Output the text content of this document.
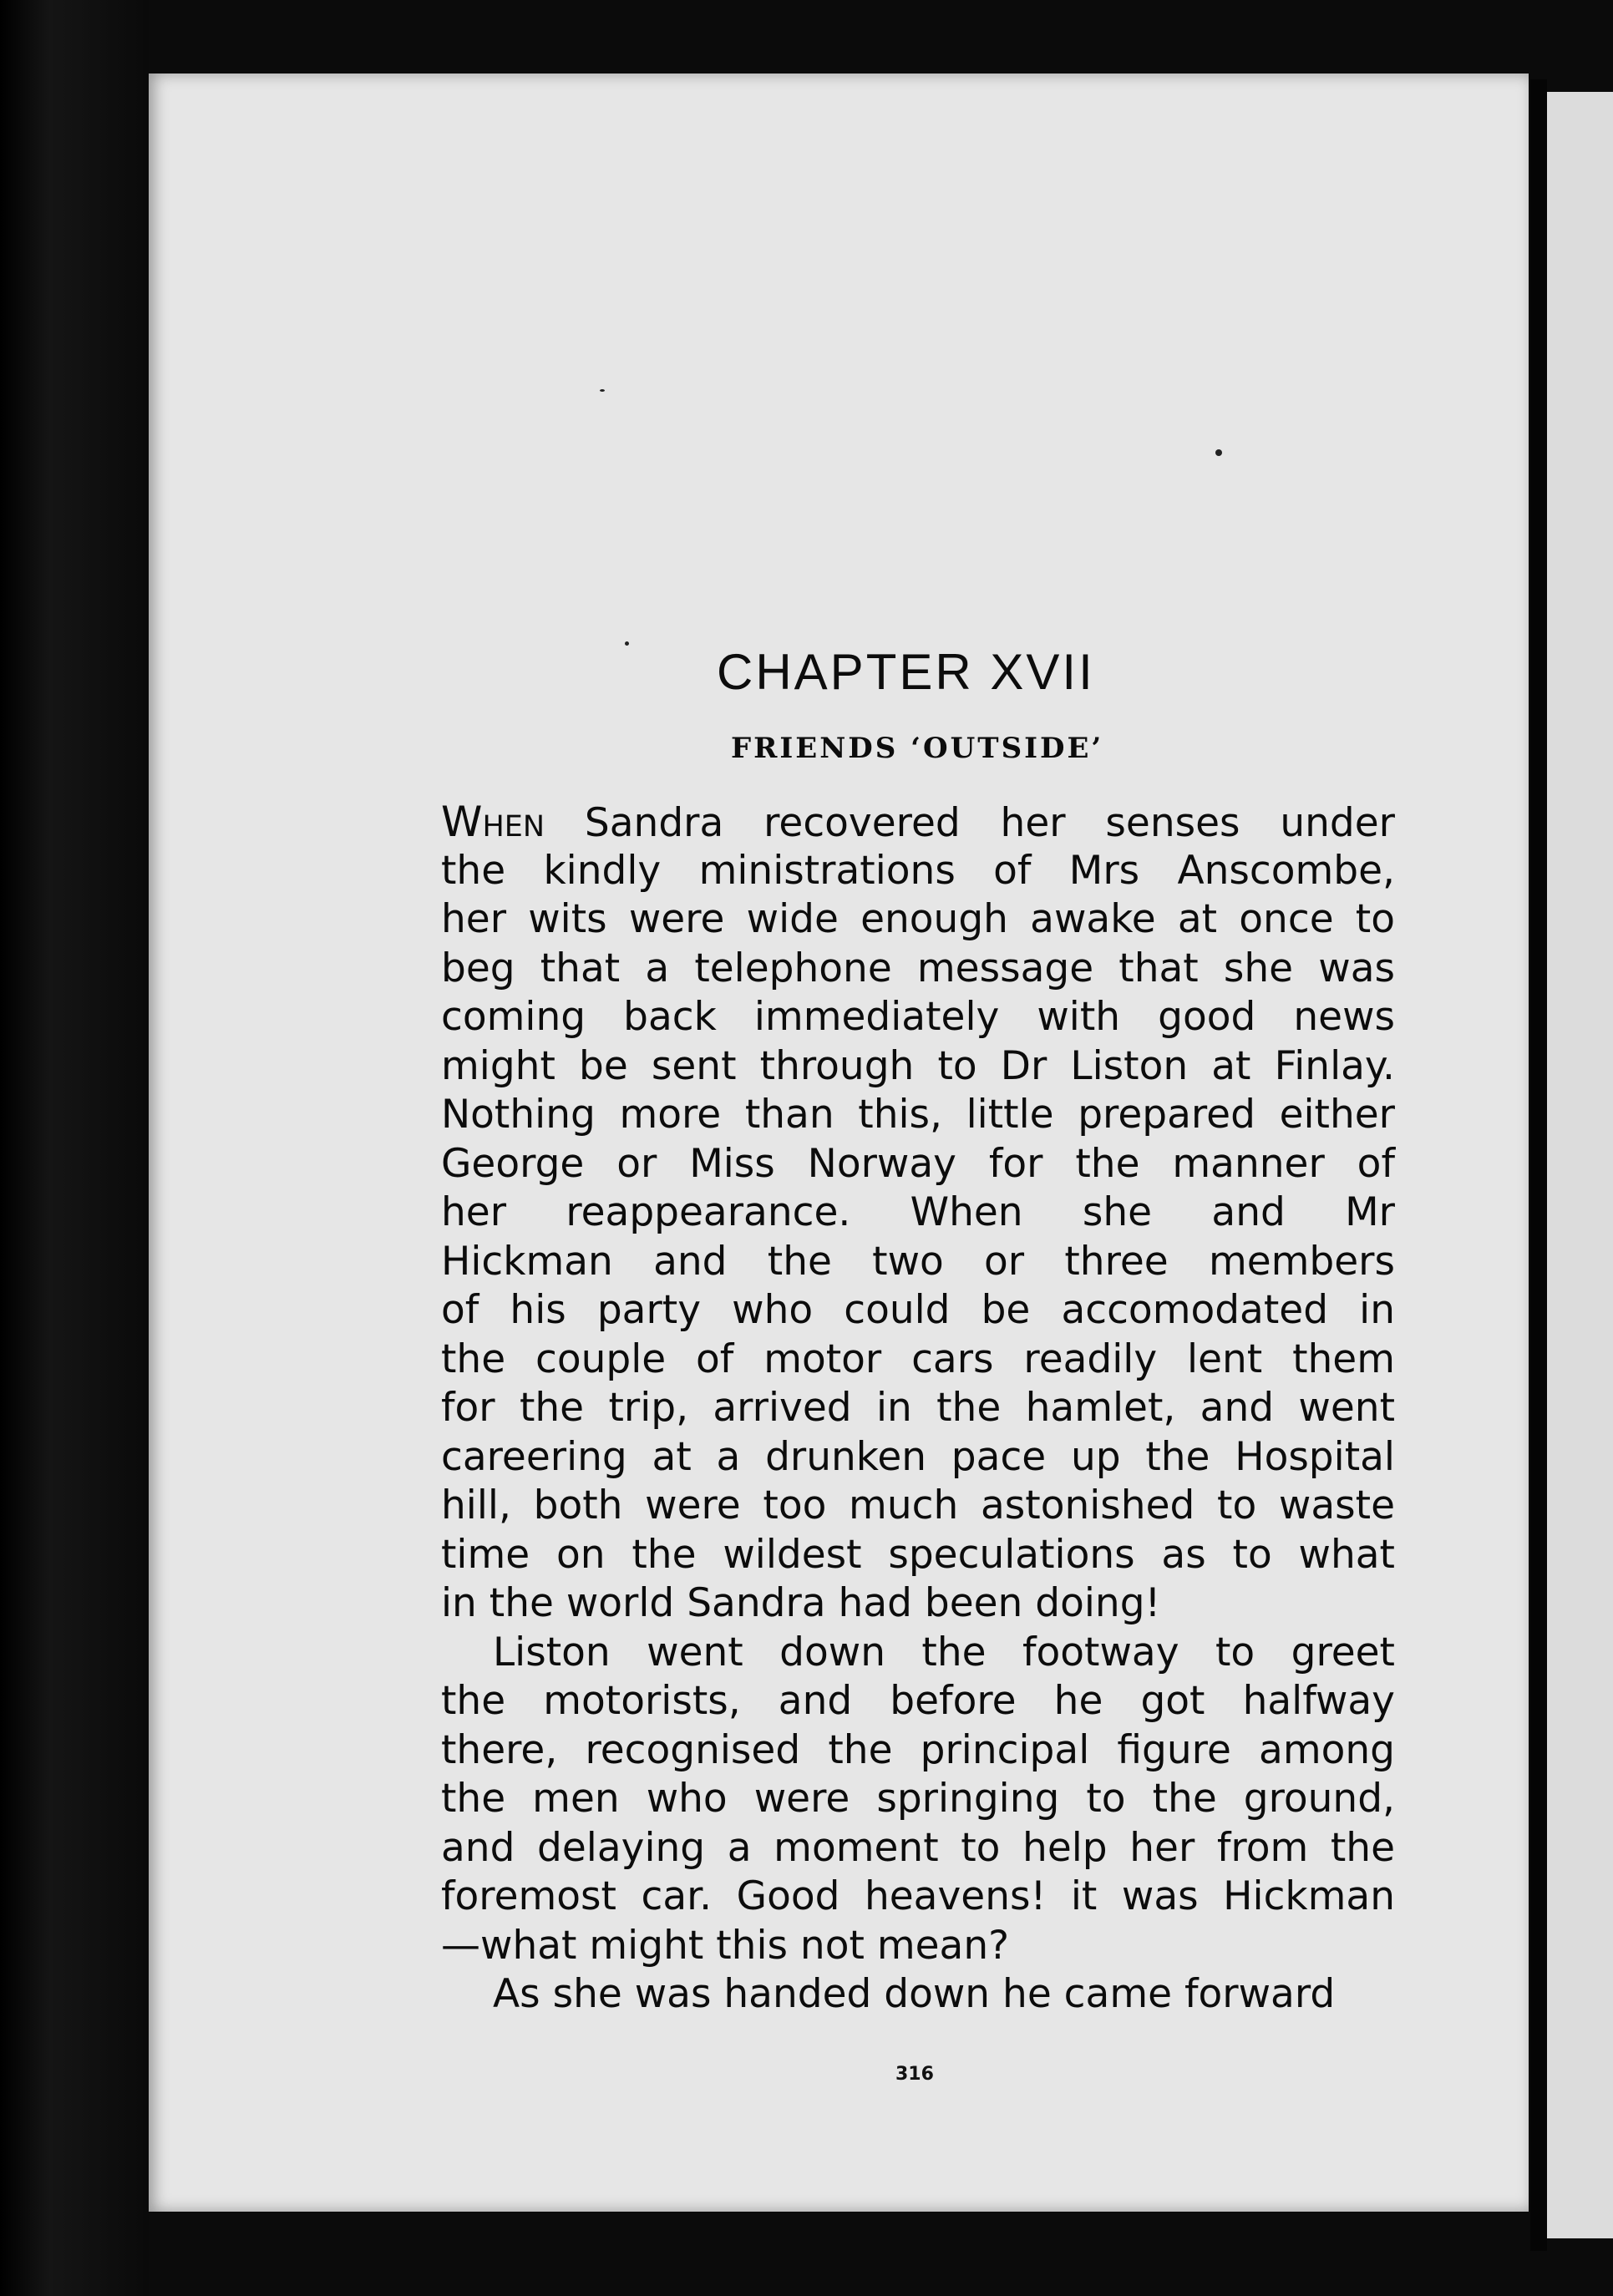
CHAPTER XVII
FRIENDS ‘OUTSIDE’
When Sandra recovered her senses under
the kindly ministrations of Mrs Anscombe,
her wits were wide enough awake at once to
beg that a telephone message that she was
coming back immediately with good news
might be sent through to Dr Liston at Finlay.
Nothing more than this, little prepared either
George or Miss Norway for the manner of
her reappearance. When she and Mr
Hickman and the two or three members
of his party who could be accomodated in
the couple of motor cars readily lent them
for the trip, arrived in the hamlet, and went
careering at a drunken pace up the Hospital
hill, both were too much astonished to waste
time on the wildest speculations as to what
in the world Sandra had been doing!
Liston went down the footway to greet
the motorists, and before he got halfway
there, recognised the principal figure among
the men who were springing to the ground,
and delaying a moment to help her from the
foremost car. Good heavens! it was Hickman
—what might this not mean?
As she was handed down he came forward
316
